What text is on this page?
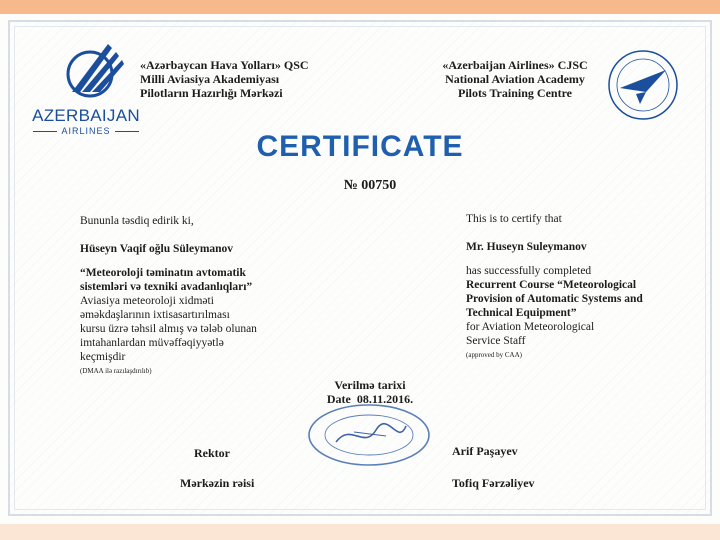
AZERBAIJAN
AIRLINES
«Azərbaycan Hava Yolları» QSC
Milli Aviasiya Akademiyası
Pilotların Hazırlığı Mərkəzi
«Azerbaijan Airlines» CJSC
National Aviation Academy
Pilots Training Centre
CERTIFICATE
№ 00750
Bununla təsdiq edirik ki,
Hüseyn Vaqif oğlu Süleymanov
“Meteoroloji təminatın avtomatik
sistemləri və texniki avadanlıqları”
Aviasiya meteoroloji xidməti
əməkdaşlarının ixtisasartırılması
kursu üzrə təhsil almış və tələb olunan
imtahanlardan müvəffəqiyyətlə
keçmişdir
(DMAA ilə razılaşdırılıb)
This is to certify that
Mr. Huseyn Suleymanov
has successfully completed
Recurrent Course “Meteorological
Provision of Automatic Systems and
Technical Equipment”
for Aviation Meteorological
Service Staff
(approved by CAA)
Verilmə tarixi
Date 08.11.2016.
Rektor
Mərkəzin rəisi
Arif Paşayev
Tofiq Fərzəliyev
